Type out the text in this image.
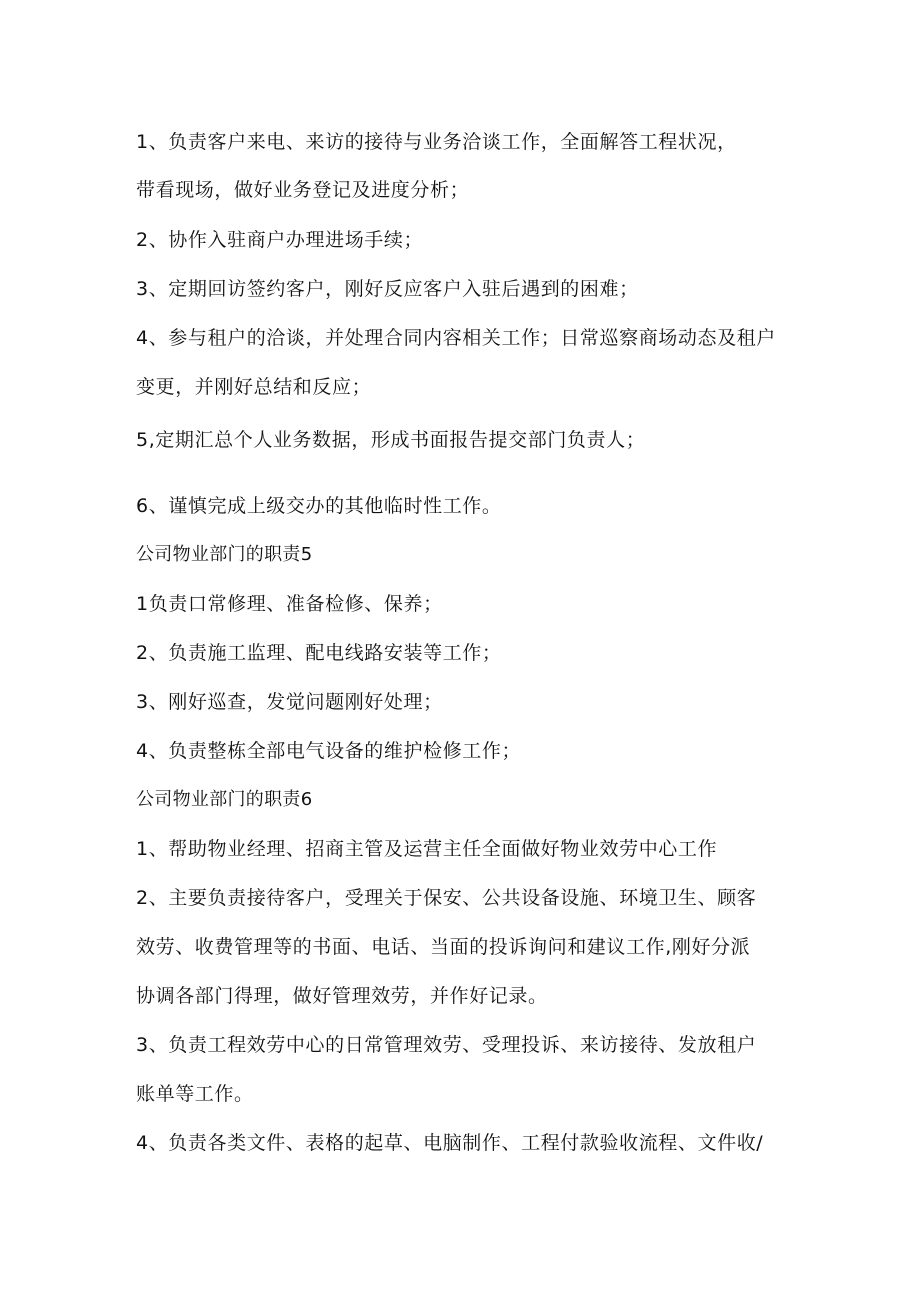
1、负责客户来电、来访的接待与业务洽谈工作，全面解答工程状况，
带看现场，做好业务登记及进度分析；
2、协作入驻商户办理进场手续；
3、定期回访签约客户，刚好反应客户入驻后遇到的困难；
4、参与租户的洽谈，并处理合同内容相关工作；日常巡察商场动态及租户
变更，并刚好总结和反应；
5,定期汇总个人业务数据，形成书面报告提交部门负责人；
6、谨慎完成上级交办的其他临时性工作。
公司物业部门的职责5
1负责口常修理、准备检修、保养；
2、负责施工监理、配电线路安装等工作；
3、刚好巡查，发觉问题刚好处理；
4、负责整栋全部电气设备的维护检修工作；
公司物业部门的职责6
1、帮助物业经理、招商主管及运营主任全面做好物业效劳中心工作
2、主要负责接待客户，受理关于保安、公共设备设施、环境卫生、顾客
效劳、收费管理等的书面、电话、当面的投诉询问和建议工作,刚好分派
协调各部门得理，做好管理效劳，并作好记录。
3、负责工程效劳中心的日常管理效劳、受理投诉、来访接待、发放租户
账单等工作。
4、负责各类文件、表格的起草、电脑制作、工程付款验收流程、文件收/
